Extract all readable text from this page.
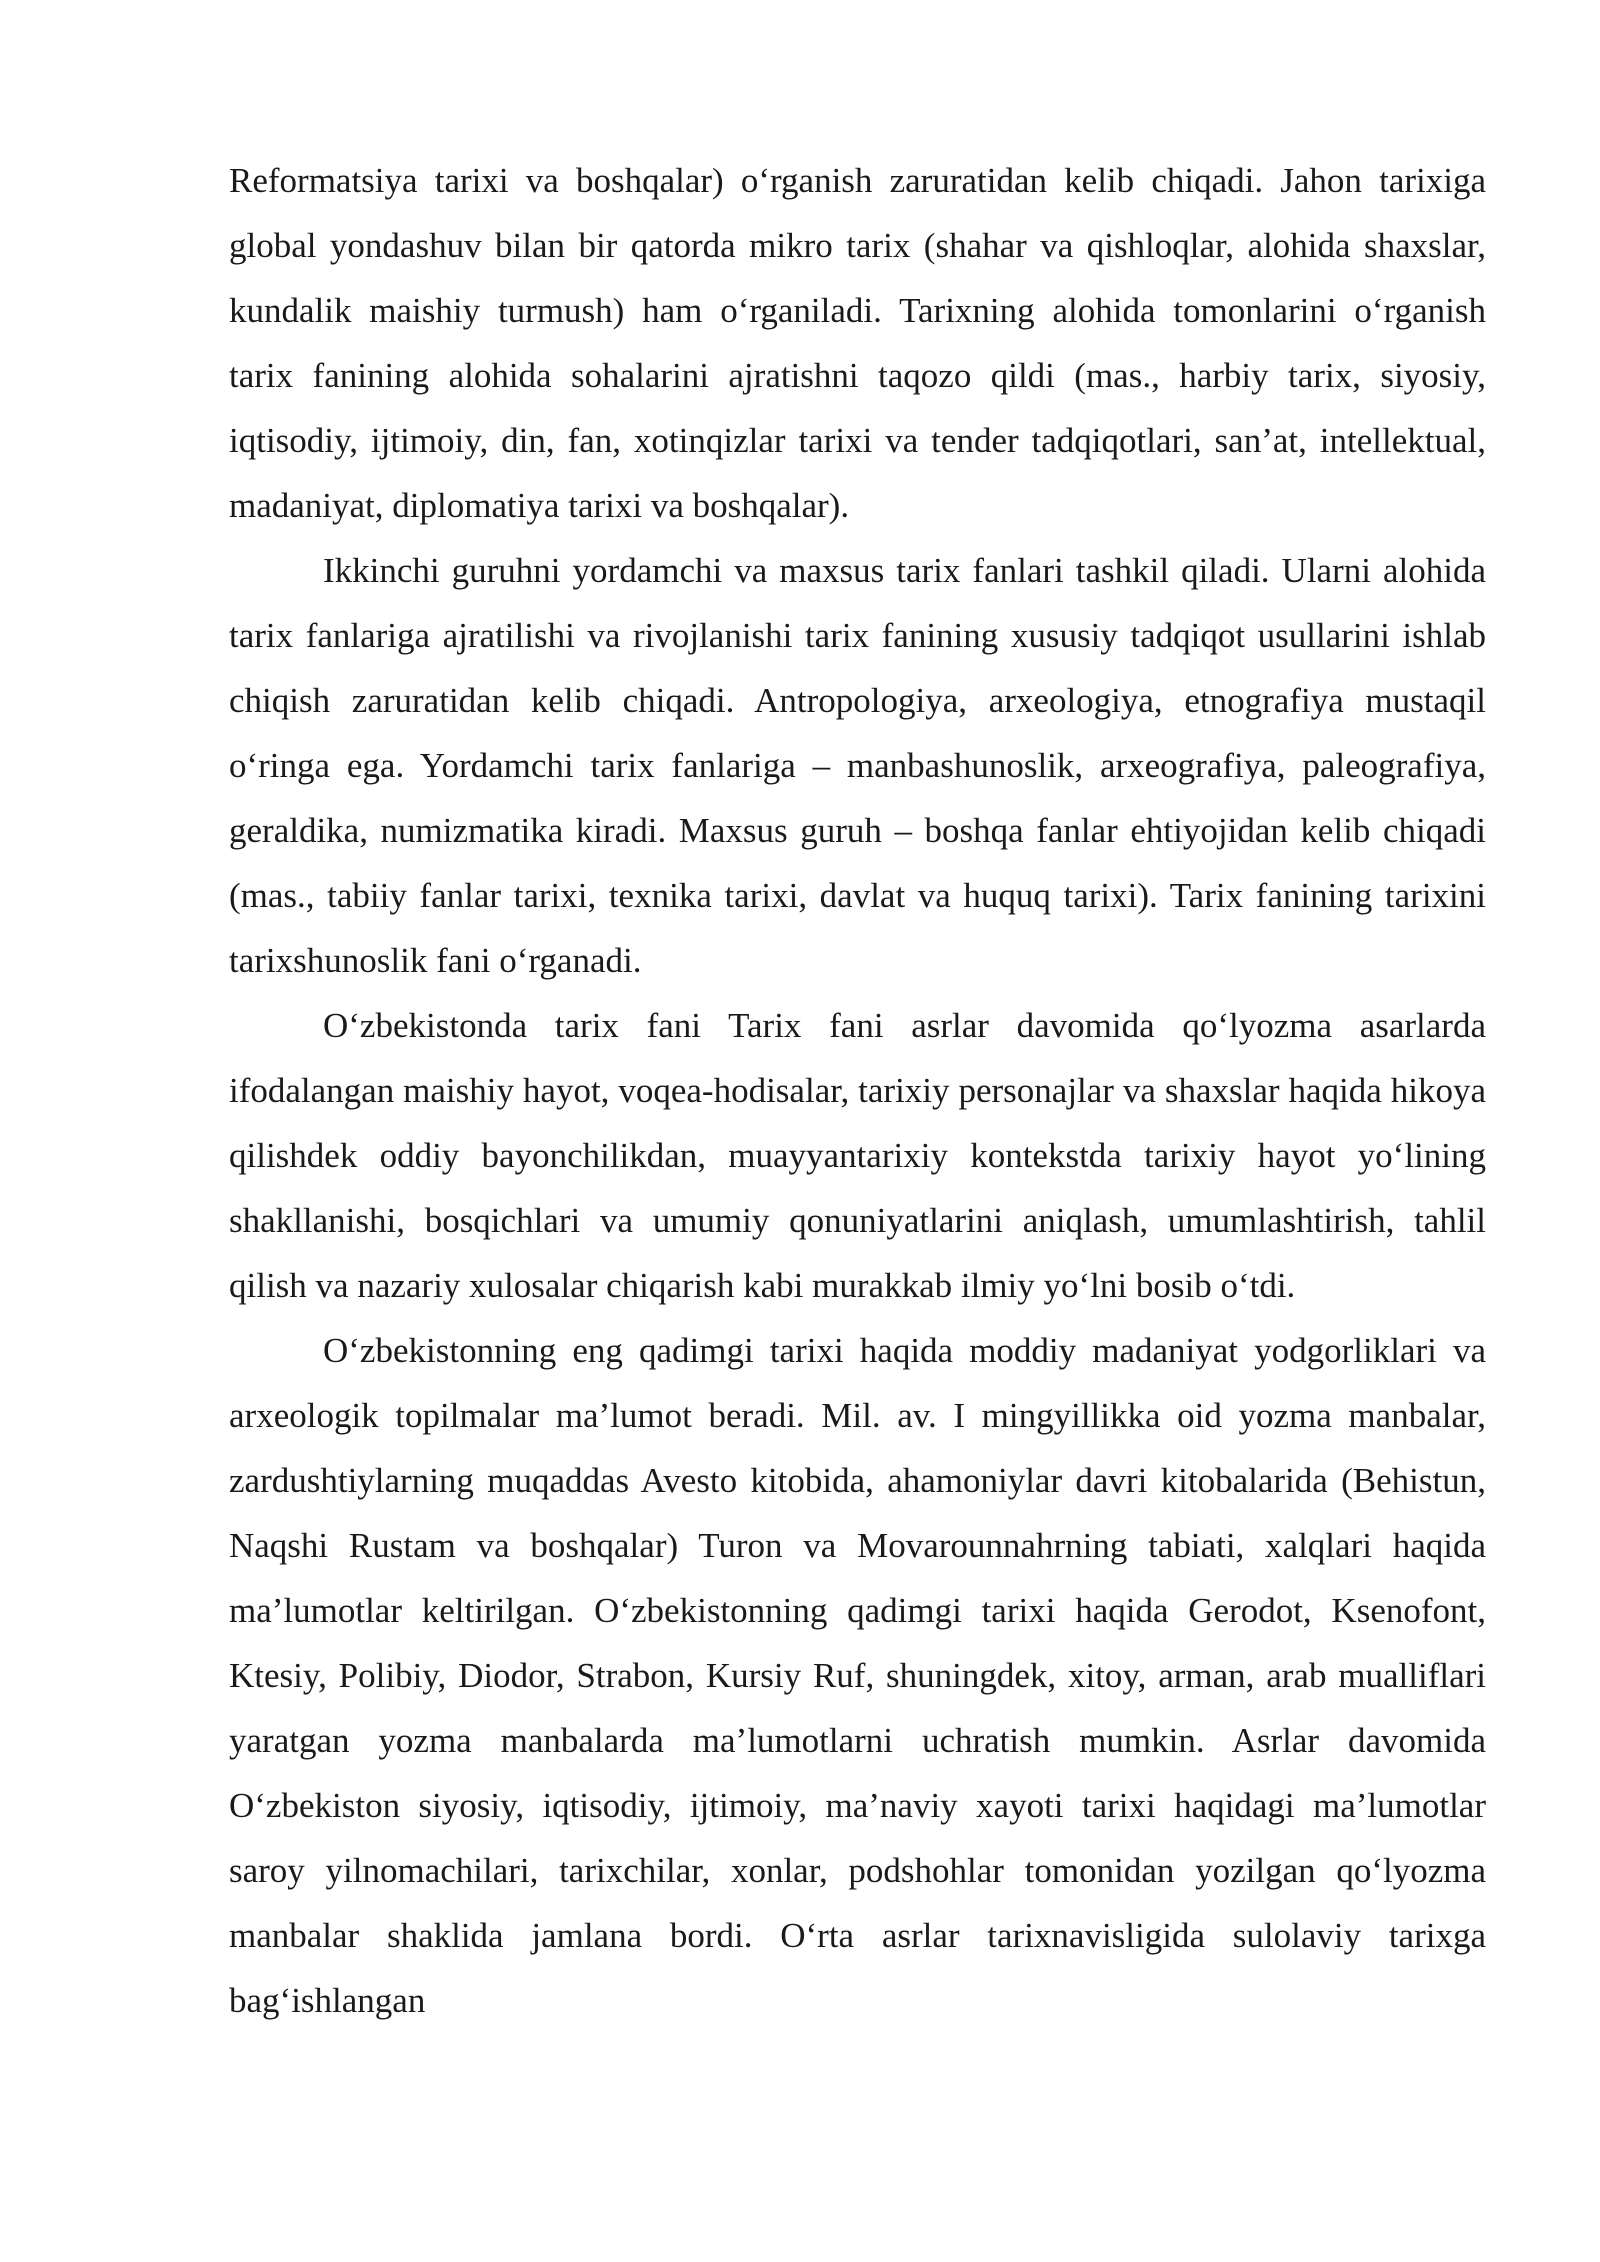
Reformatsiya tarixi va boshqalar) o‘rganish zaruratidan kelib chiqadi. Jahon tarixiga global yondashuv bilan bir qatorda mikro tarix (shahar va qishloqlar, alohida shaxslar, kundalik maishiy turmush) ham o‘rganiladi. Tarixning alohida tomonlarini o‘rganish tarix fanining alohida sohalarini ajratishni taqozo qildi (mas., harbiy tarix, siyosiy, iqtisodiy, ijtimoiy, din, fan, xotinqizlar tarixi va tender tadqiqotlari, san’at, intellektual, madaniyat, diplomatiya tarixi va boshqalar).

Ikkinchi guruhni yordamchi va maxsus tarix fanlari tashkil qiladi. Ularni alohida tarix fanlariga ajratilishi va rivojlanishi tarix fanining xususiy tadqiqot usullarini ishlab chiqish zaruratidan kelib chiqadi. Antropologiya, arxeologiya, etnografiya mustaqil o‘ringa ega. Yordamchi tarix fanlariga – manbashunoslik, arxeografiya, paleografiya, geraldika, numizmatika kiradi. Maxsus guruh – boshqa fanlar ehtiyojidan kelib chiqadi (mas., tabiiy fanlar tarixi, texnika tarixi, davlat va huquq tarixi). Tarix fanining tarixini tarixshunoslik fani o‘rganadi.

O‘zbekistonda tarix fani Tarix fani asrlar davomida qo‘lyozma asarlarda ifodalangan maishiy hayot, voqea-hodisalar, tarixiy personajlar va shaxslar haqida hikoya qilishdek oddiy bayonchilikdan, muayyantarixiy kontekstda tarixiy hayot yo‘lining shakllanishi, bosqichlari va umumiy qonuniyatlarini aniqlash, umumlashtirish, tahlil qilish va nazariy xulosalar chiqarish kabi murakkab ilmiy yo‘lni bosib o‘tdi.

O‘zbekistonning eng qadimgi tarixi haqida moddiy madaniyat yodgorliklari va arxeologik topilmalar ma’lumot beradi. Mil. av. I mingyillikka oid yozma manbalar, zardushtiylarning muqaddas Avesto kitobida, ahamoniylar davri kitobalarida (Behistun, Naqshi Rustam va boshqalar) Turon va Movarounnahrning tabiati, xalqlari haqida ma’lumotlar keltirilgan. O‘zbekistonning qadimgi tarixi haqida Gerodot, Ksenofont, Ktesiy, Polibiy, Diodor, Strabon, Kursiy Ruf, shuningdek, xitoy, arman, arab mualliflari yaratgan yozma manbalarda ma’lumotlarni uchratish mumkin. Asrlar davomida O‘zbekiston siyosiy, iqtisodiy, ijtimoiy, ma’naviy xayoti tarixi haqidagi ma’lumotlar saroy yilnomachilari, tarixchilar, xonlar, podshohlar tomonidan yozilgan qo‘lyozma manbalar shaklida jamlana bordi. O‘rta asrlar tarixnavisligida sulolaviy tarixga bag‘ishlangan
